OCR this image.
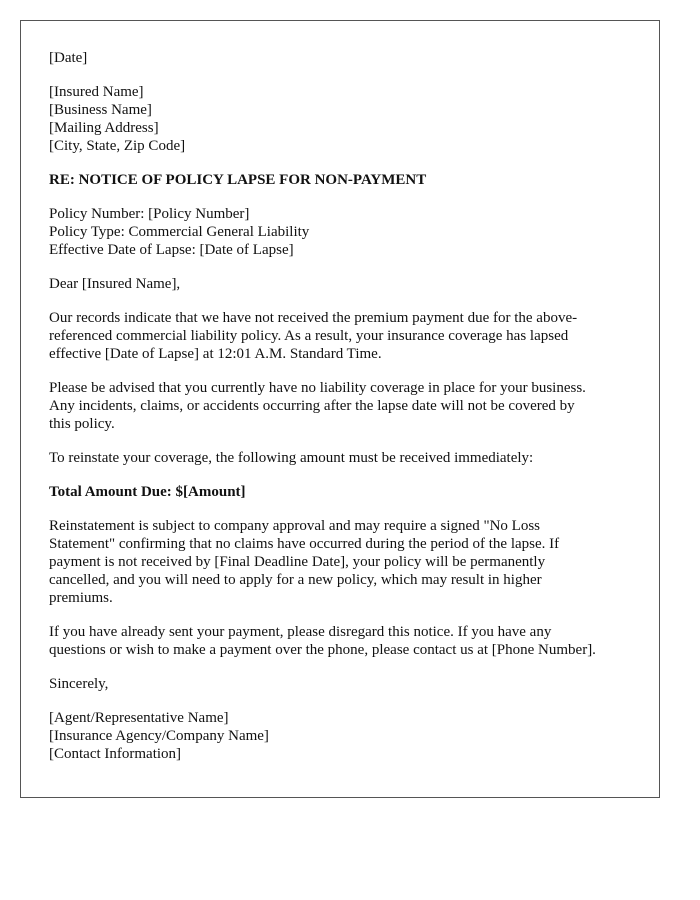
[Date]
[Insured Name]
[Business Name]
[Mailing Address]
[City, State, Zip Code]
RE: NOTICE OF POLICY LAPSE FOR NON-PAYMENT
Policy Number: [Policy Number]
Policy Type: Commercial General Liability
Effective Date of Lapse: [Date of Lapse]
Dear [Insured Name],

Our records indicate that we have not received the premium payment due for the above-
referenced commercial liability policy. As a result, your insurance coverage has lapsed
effective [Date of Lapse] at 12:01 A.M. Standard Time.

Please be advised that you currently have no liability coverage in place for your business.
Any incidents, claims, or accidents occurring after the lapse date will not be covered by
this policy.

To reinstate your coverage, the following amount must be received immediately:

Total Amount Due: $[Amount]

Reinstatement is subject to company approval and may require a signed "No Loss
Statement" confirming that no claims have occurred during the period of the lapse. If
payment is not received by [Final Deadline Date], your policy will be permanently
cancelled, and you will need to apply for a new policy, which may result in higher
premiums.

If you have already sent your payment, please disregard this notice. If you have any
questions or wish to make a payment over the phone, please contact us at [Phone Number].

Sincerely,
[Agent/Representative Name]
[Insurance Agency/Company Name]
[Contact Information]
